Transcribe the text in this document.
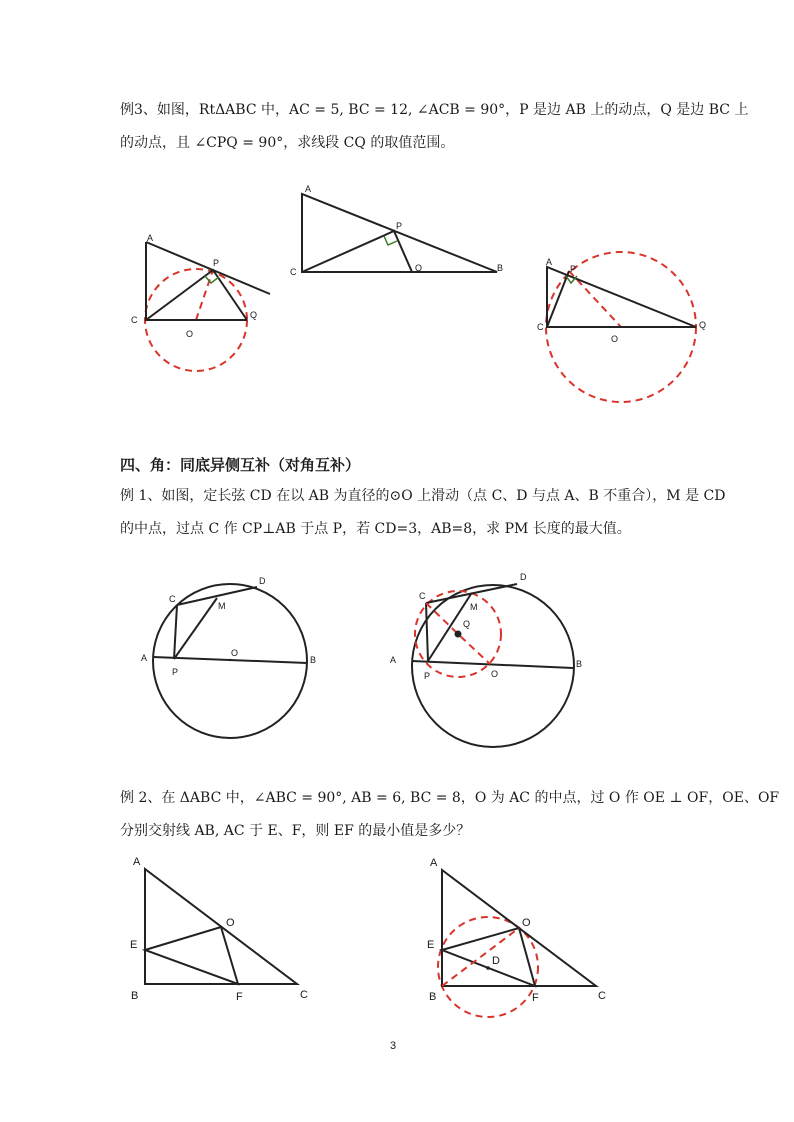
例3、如图，RtΔABC 中，AC = 5, BC = 12, ∠ACB = 90°，P 是边 AB 上的动点，Q 是边 BC 上
的动点，且 ∠CPQ = 90°，求线段 CQ 的取值范围。
A
C
P
O
Q
A
C
P
Q	B
A
P
C
O
Q
四、角：同底异侧互补（对角互补）
例 1、如图，定长弦 CD 在以 AB 为直径的⊙O 上滑动（点 C、D 与点 A、B 不重合），M 是 CD
的中点，过点 C 作 CP⊥AB 于点 P，若 CD=3，AB=8，求 PM 长度的最大值。
A	B
C
D
M
O
P
A	B
C
D
M
Q
O
P
例 2、在 ΔABC 中，∠ABC = 90°, AB = 6, BC = 8，O 为 AC 的中点，过 O 作 OE ⊥ OF，OE、OF
分别交射线 AB, AC 于 E、F，则 EF 的最小值是多少？
A
E
B
O
F	C
A
E
B
O
D
F	C
3
